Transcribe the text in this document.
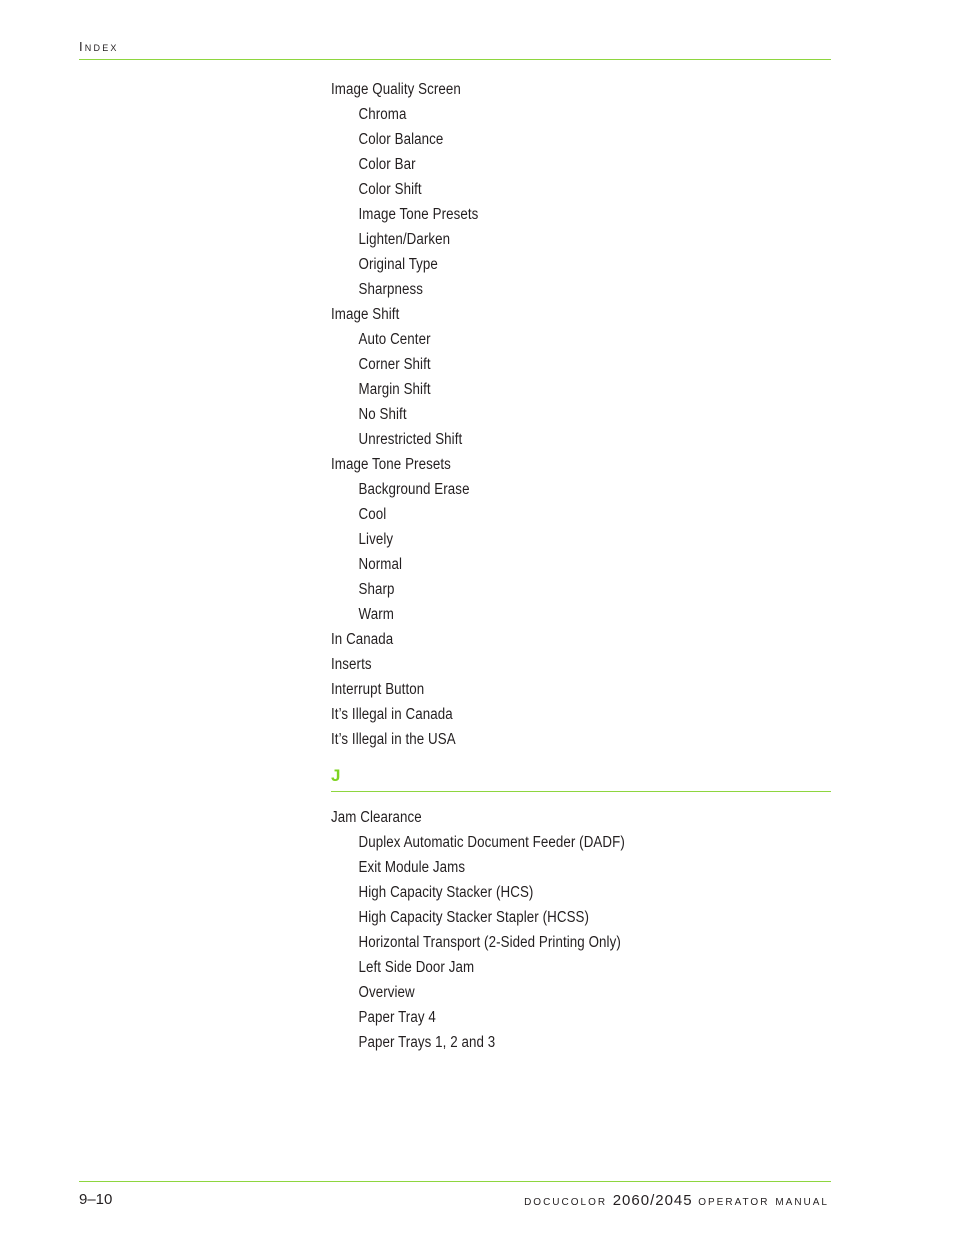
Index
Image Quality Screen
Chroma
Color Balance
Color Bar
Color Shift
Image Tone Presets
Lighten/Darken
Original Type
Sharpness
Image Shift
Auto Center
Corner Shift
Margin Shift
No Shift
Unrestricted Shift
Image Tone Presets
Background Erase
Cool
Lively
Normal
Sharp
Warm
In Canada
Inserts
Interrupt Button
It’s Illegal in Canada
It’s Illegal in the USA
J
Jam Clearance
Duplex Automatic Document Feeder (DADF)
Exit Module Jams
High Capacity Stacker (HCS)
High Capacity Stacker Stapler (HCSS)
Horizontal Transport (2-Sided Printing Only)
Left Side Door Jam
Overview
Paper Tray 4
Paper Trays 1, 2 and 3
9–10	docucolor 2060/2045 operator manual
